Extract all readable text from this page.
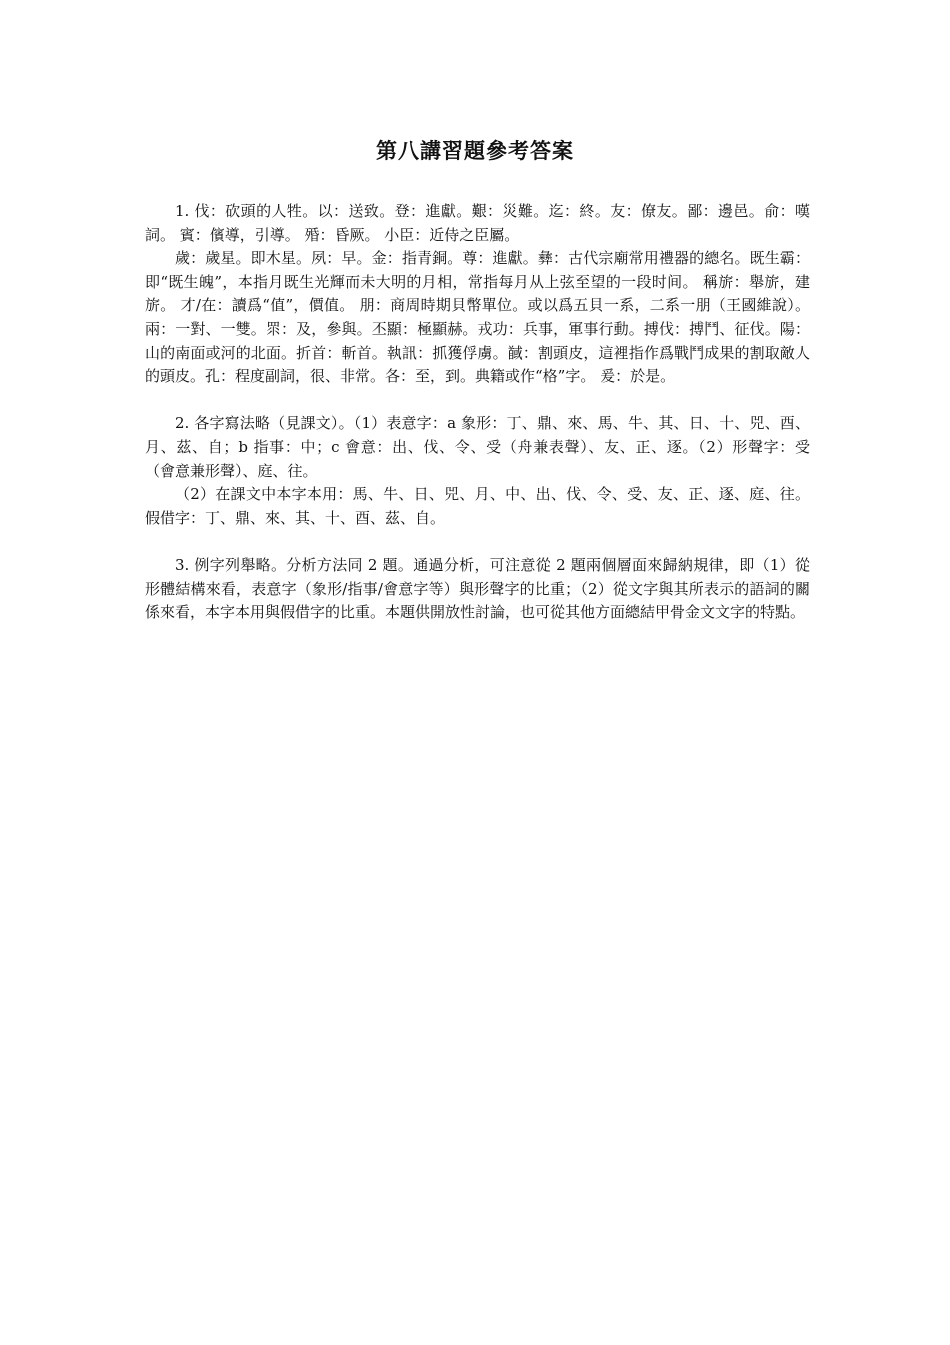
第八講習題參考答案

1. 伐：砍頭的人牲。以：送致。登：進獻。艱：災難。迄：終。友：僚友。鄙：邊邑。俞：嘆詞。 賓：儐導，引導。 殙：昏厥。 小臣：近侍之臣屬。

歲：歲星。即木星。夙：早。金：指青銅。尊：進獻。彝：古代宗廟常用禮器的總名。既生霸：即“既生魄”，本指月既生光輝而未大明的月相，常指每月从上弦至望的一段时间。 稱旂：舉旂，建旂。 才/在：讀爲“值”，價值。 朋：商周時期貝幣單位。或以爲五貝一系，二系一朋（王國維說）。兩：一對、一雙。眔：及，參與。丕顯：極顯赫。戎功：兵事，軍事行動。搏伐：搏鬥、征伐。陽：山的南面或河的北面。折首：斬首。執訊：抓獲俘虜。馘：割頭皮，這裡指作爲戰鬥成果的割取敵人的頭皮。孔：程度副詞，很、非常。各：至，到。典籍或作“格”字。 爰：於是。

2. 各字寫法略（見課文）。（1）表意字：a 象形：丁、鼎、來、馬、牛、其、日、十、兕、酉、月、茲、自；b 指事：中；c 會意：出、伐、令、受（舟兼表聲）、友、正、逐。（2）形聲字：受（會意兼形聲）、庭、往。

（2）在課文中本字本用：馬、牛、日、兕、月、中、出、伐、令、受、友、正、逐、庭、往。假借字：丁、鼎、來、其、十、酉、茲、自。

3. 例字列舉略。分析方法同 2 題。通過分析，可注意從 2 題兩個層面來歸納規律，即（1）從形體結構來看，表意字（象形/指事/會意字等）與形聲字的比重；（2）從文字與其所表示的語詞的關係來看，本字本用與假借字的比重。本題供開放性討論，也可從其他方面總結甲骨金文文字的特點。
